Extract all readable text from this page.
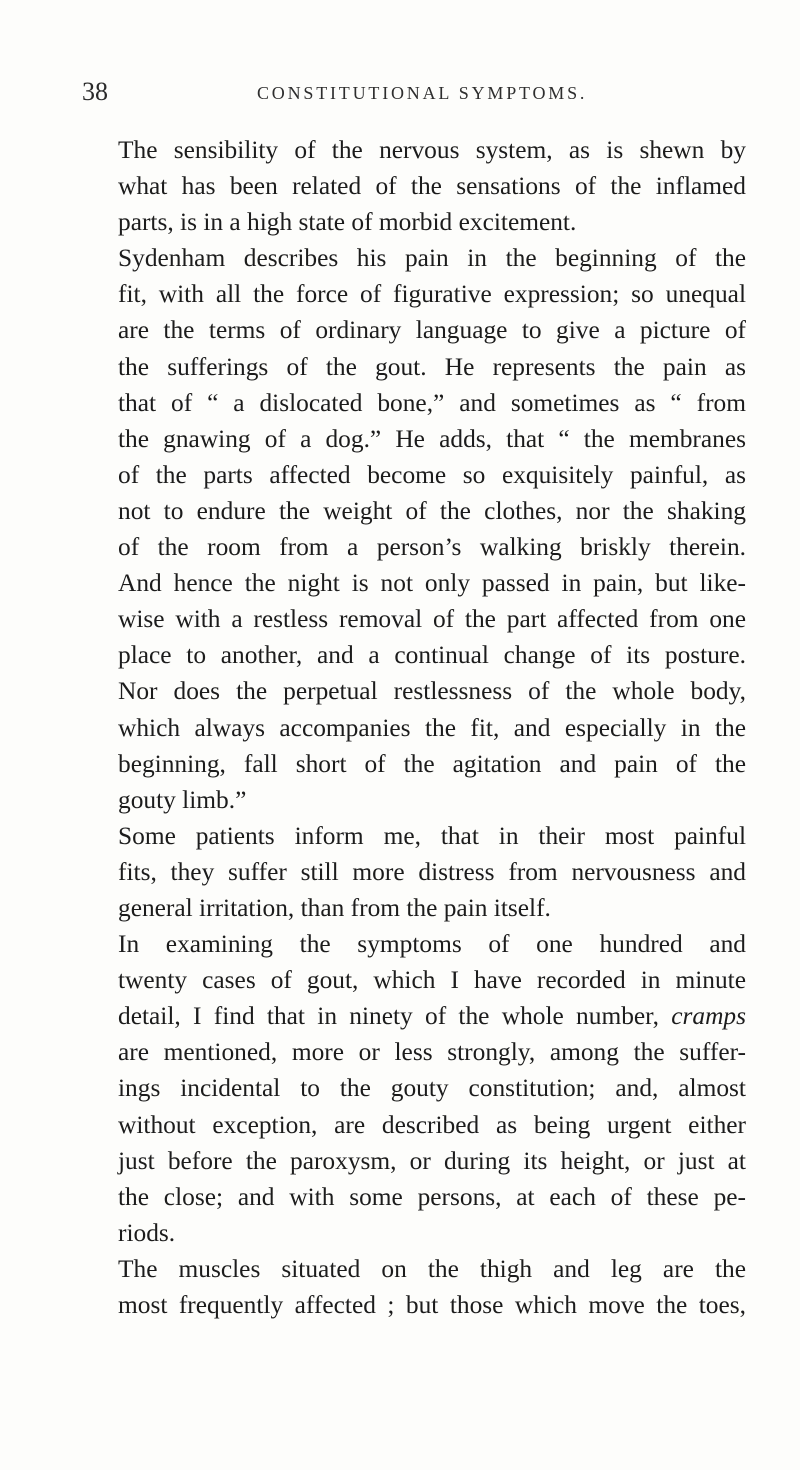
38	CONSTITUTIONAL SYMPTOMS.

The sensibility of the nervous system, as is shewn by
what has been related of the sensations of the inflamed
parts, is in a high state of morbid excitement.

Sydenham describes his pain in the beginning of the
fit, with all the force of figurative expression; so unequal
are the terms of ordinary language to give a picture of
the sufferings of the gout. He represents the pain as
that of “ a dislocated bone,” and sometimes as “ from
the gnawing of a dog.” He adds, that “ the membranes
of the parts affected become so exquisitely painful, as
not to endure the weight of the clothes, nor the shaking
of the room from a person’s walking briskly therein.
And hence the night is not only passed in pain, but like-
wise with a restless removal of the part affected from one
place to another, and a continual change of its posture.
Nor does the perpetual restlessness of the whole body,
which always accompanies the fit, and especially in the
beginning, fall short of the agitation and pain of the
gouty limb.”

Some patients inform me, that in their most painful
fits, they suffer still more distress from nervousness and
general irritation, than from the pain itself.

In examining the symptoms of one hundred and
twenty cases of gout, which I have recorded in minute
detail, I find that in ninety of the whole number, cramps
are mentioned, more or less strongly, among the suffer-
ings incidental to the gouty constitution; and, almost
without exception, are described as being urgent either
just before the paroxysm, or during its height, or just at
the close; and with some persons, at each of these pe-
riods.

The muscles situated on the thigh and leg are the
most frequently affected ; but those which move the toes,
